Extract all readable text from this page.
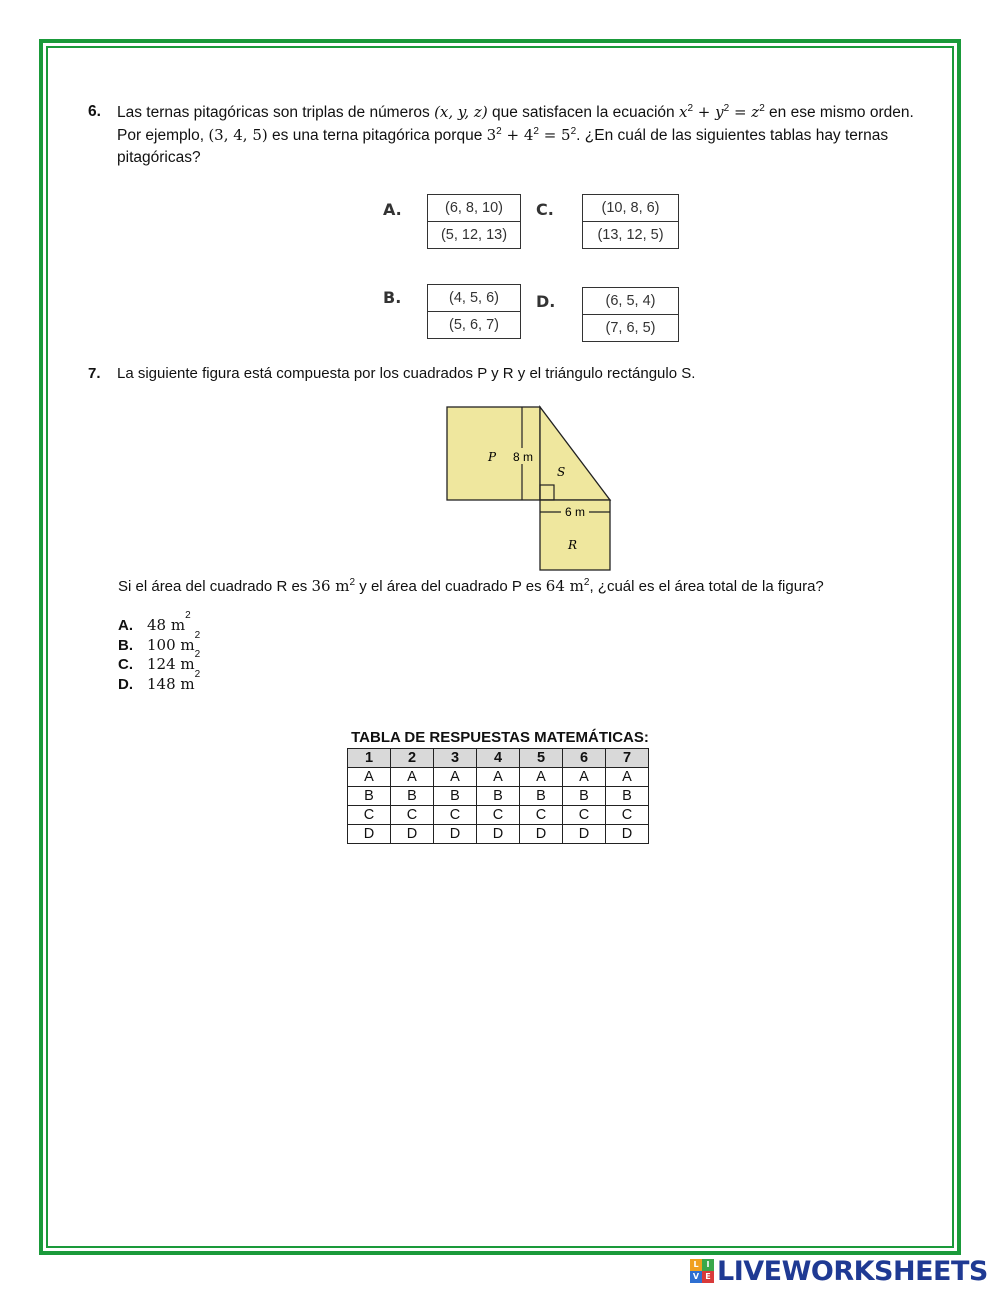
6. Las ternas pitagóricas son triplas de números (x, y, z) que satisfacen la ecuación $x^2 + y^2 = z^2$ en ese mismo orden. Por ejemplo, (3, 4, 5) es una terna pitagórica porque $3^2 + 4^2 = 5^2$. ¿En cuál de las siguientes tablas hay ternas pitagóricas?
A.	(6, 8, 10)
(5, 12, 13)
C.	(10, 8, 6)
(13, 12, 5)
B.	(4, 5, 6)
(5, 6, 7)
D.	(6, 5, 4)
(7, 6, 5)
7. La siguiente figura está compuesta por los cuadrados P y R y el triángulo rectángulo S.
8 m
6 m
P
S
R
Si el área del cuadrado R es 36 $m^2$ y el área del cuadrado P es 64 $m^2$, ¿cuál es el área total de la figura?
A. 48 m
2
B. 100 m
2
C. 124 m
2
D. 148 m
2
TABLA DE RESPUESTAS MATEMÁTICAS:
1	2	3	4	5	6	7
A	A	A	A	A	A	A
B	B	B	B	B	B	B
C	C	C	C	C	C	C
D	D	D	D	D	D	D
L I
V E LIVEWORKSHEETS
